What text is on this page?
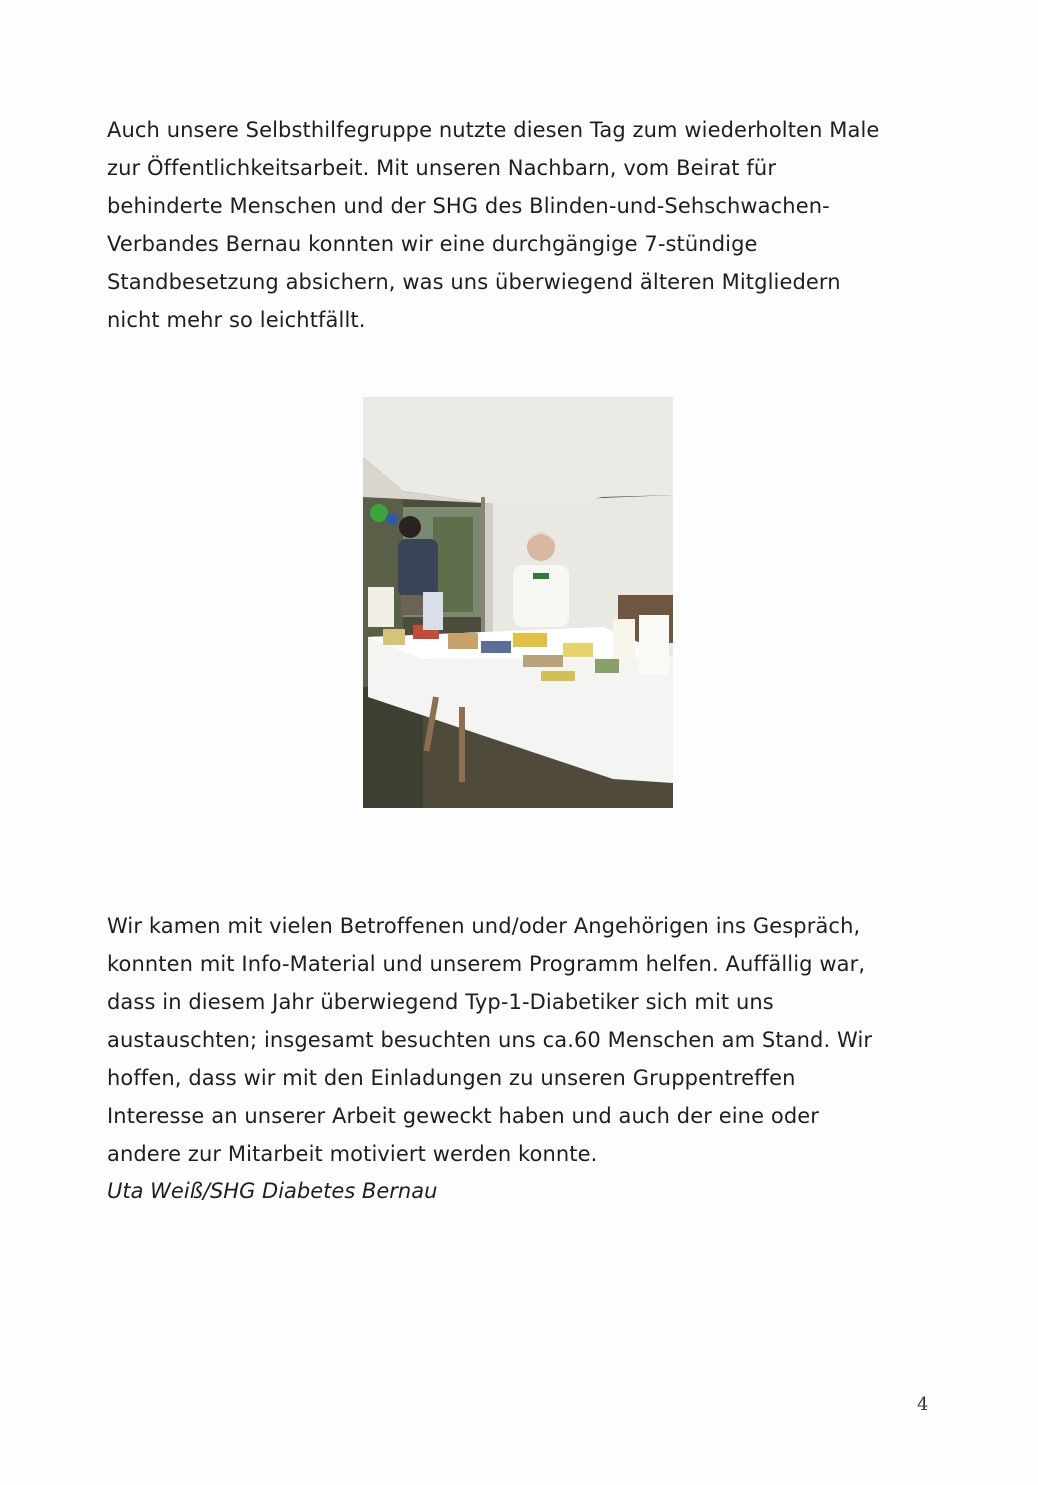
Auch unsere Selbsthilfegruppe nutzte diesen Tag zum wiederholten Male
zur Öffentlichkeitsarbeit. Mit unseren Nachbarn, vom Beirat für
behinderte Menschen und der SHG des Blinden-und-Sehschwachen-
Verbandes Bernau konnten wir eine durchgängige 7-stündige
Standbesetzung absichern, was uns überwiegend älteren Mitgliedern
nicht mehr so leichtfällt.

Wir kamen mit vielen Betroffenen und/oder Angehörigen ins Gespräch,
konnten mit Info-Material und unserem Programm helfen. Auffällig war,
dass in diesem Jahr überwiegend Typ-1-Diabetiker sich mit uns
austauschten; insgesamt besuchten uns ca.60 Menschen am Stand. Wir
hoffen, dass wir mit den Einladungen zu unseren Gruppentreffen
Interesse an unserer Arbeit geweckt haben und auch der eine oder
andere zur Mitarbeit motiviert werden konnte.

Uta Weiß/SHG Diabetes Bernau
4
